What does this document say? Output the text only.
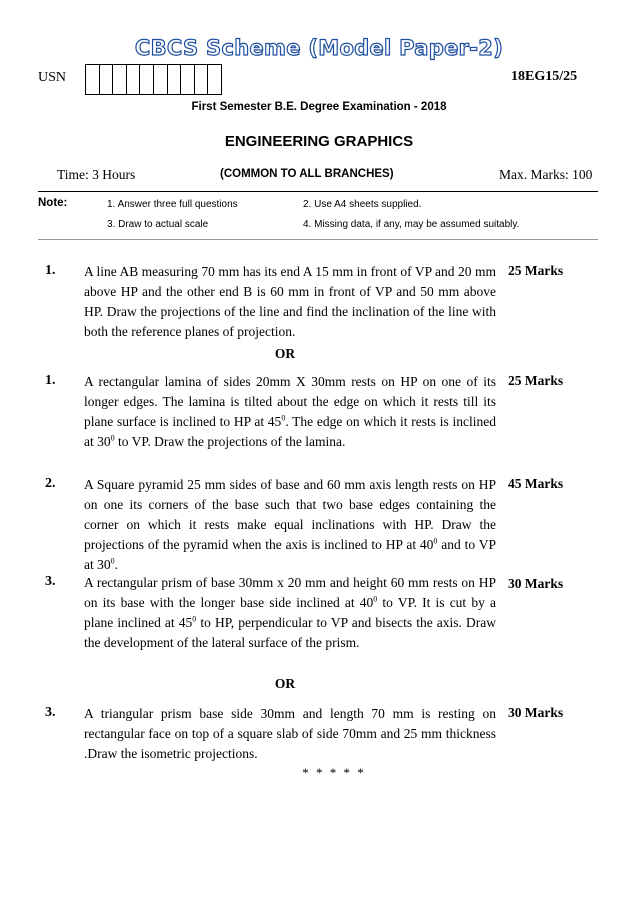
CBCS Scheme (Model Paper-2)
USN	18EG15/25
First Semester B.E. Degree Examination - 2018
ENGINEERING GRAPHICS
Time: 3 Hours	(COMMON TO ALL BRANCHES)	Max. Marks: 100
Note:	1. Answer three full questions	2. Use A4 sheets supplied.
3. Draw to actual scale	4. Missing data, if any, may be assumed suitably.
1. A line AB measuring 70 mm has its end A 15 mm in front of VP and 20 mm above HP and the other end B is 60 mm in front of VP and 50 mm above HP. Draw the projections of the line and find the inclination of the line with both the reference planes of projection.
25 Marks
OR
1. A rectangular lamina of sides 20mm X 30mm rests on HP on one of its longer edges. The lamina is tilted about the edge on which it rests till its plane surface is inclined to HP at $45^0$. The edge on which it rests is inclined at $30^0$ to VP. Draw the projections of the lamina.
25 Marks
2. A Square pyramid 25 mm sides of base and 60 mm axis length rests on HP on one its corners of the base such that two base edges containing the corner on which it rests make equal inclinations with HP. Draw the projections of the pyramid when the axis is inclined to HP at $40^0$ and to VP at $30^0$.
45 Marks
3. A rectangular prism of base 30mm x 20 mm and height 60 mm rests on HP on its base with the longer base side inclined at $40^0$ to VP. It is cut by a plane inclined at $45^0$ to HP, perpendicular to VP and bisects the axis. Draw the development of the lateral surface of the prism.
30 Marks
OR
3. A triangular prism base side 30mm and length 70 mm is resting on rectangular face on top of a square slab of side 70mm and 25 mm thickness .Draw the isometric projections.
30 Marks
* * * * *
